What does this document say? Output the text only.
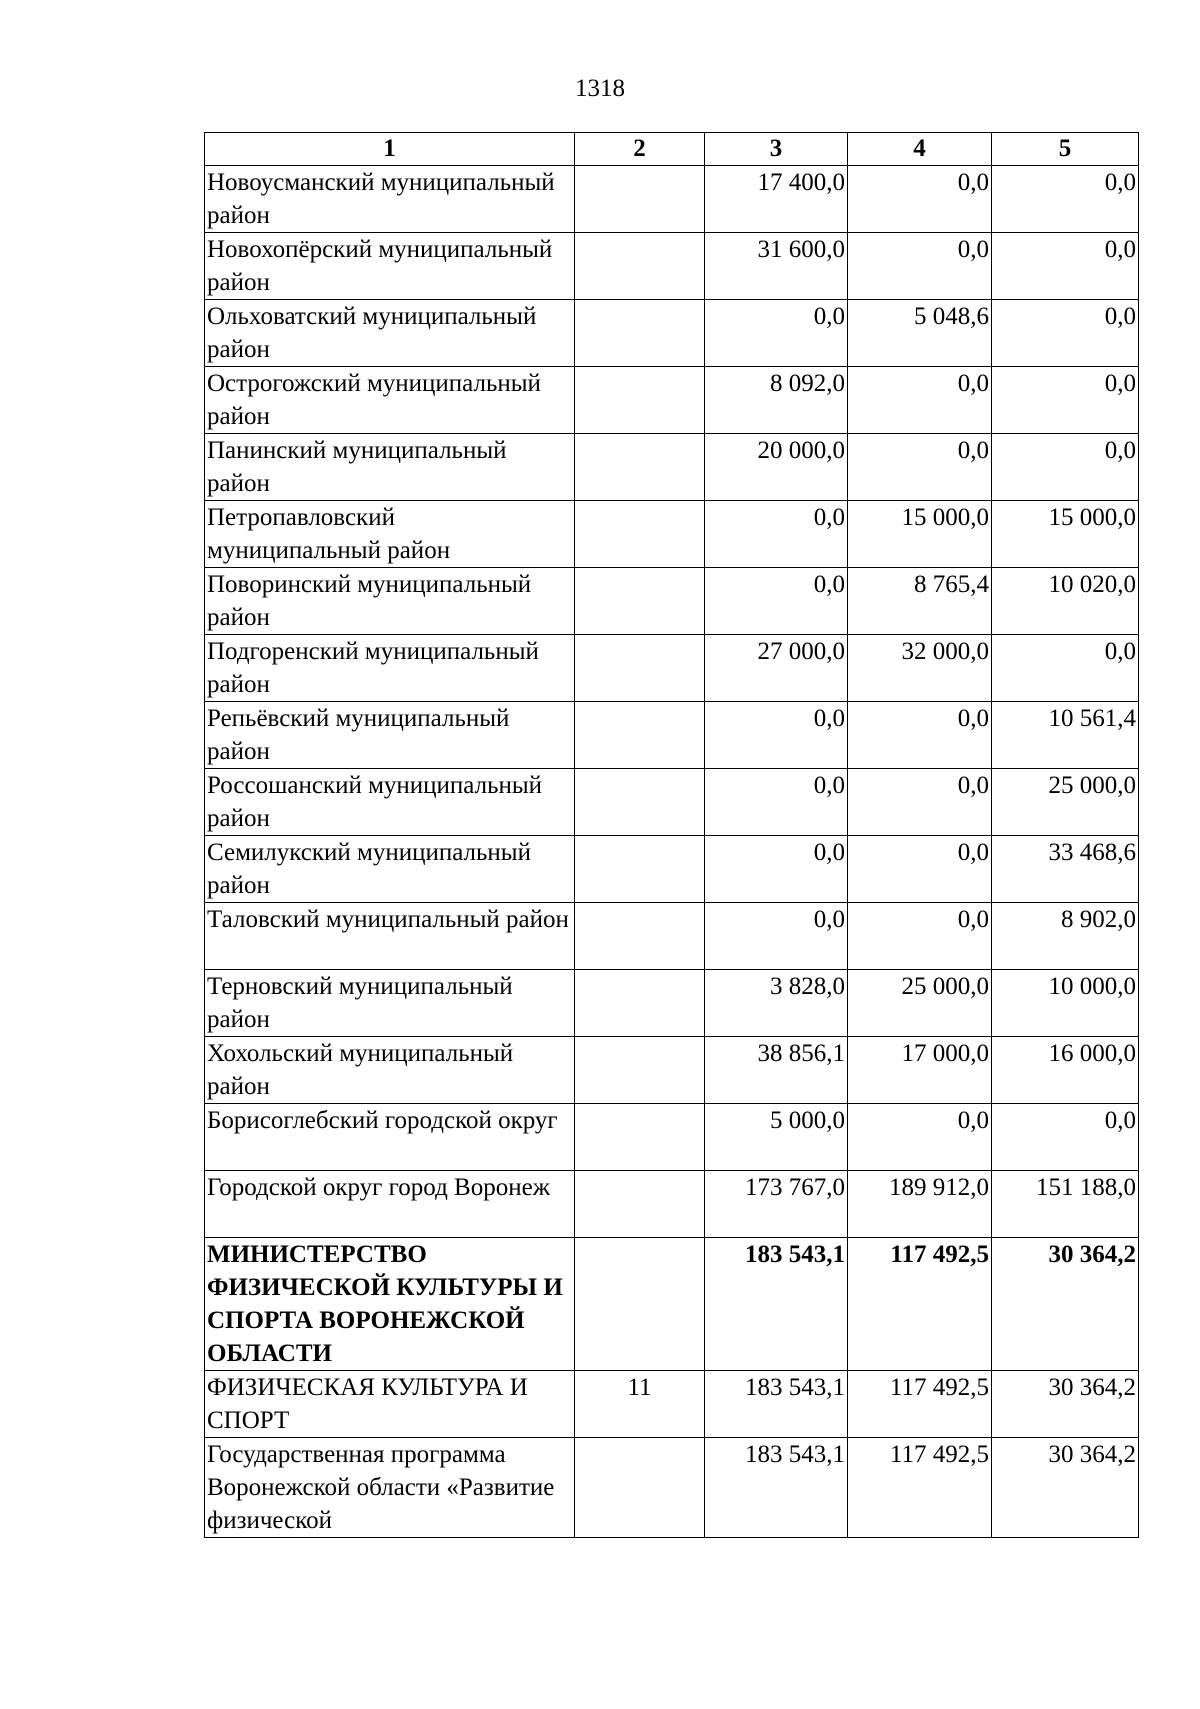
1318
1	2	3	4	5
Новоусманский муниципальный район		17 400,0	0,0	0,0
Новохопёрский муниципальный район		31 600,0	0,0	0,0
Ольховатский муниципальный район		0,0	5 048,6	0,0
Острогожский муниципальный район		8 092,0	0,0	0,0
Панинский муниципальный район		20 000,0	0,0	0,0
Петропавловский муниципальный район		0,0	15 000,0	15 000,0
Поворинский муниципальный район		0,0	8 765,4	10 020,0
Подгоренский муниципальный район		27 000,0	32 000,0	0,0
Репьёвский муниципальный район		0,0	0,0	10 561,4
Россошанский муниципальный район		0,0	0,0	25 000,0
Семилукский муниципальный район		0,0	0,0	33 468,6
Таловский муниципальный район		0,0	0,0	8 902,0
Терновский муниципальный район		3 828,0	25 000,0	10 000,0
Хохольский муниципальный район		38 856,1	17 000,0	16 000,0
Борисоглебский городской округ		5 000,0	0,0	0,0
Городской округ город Воронеж		173 767,0	189 912,0	151 188,0
МИНИСТЕРСТВО ФИЗИЧЕСКОЙ КУЛЬТУРЫ И СПОРТА ВОРОНЕЖСКОЙ ОБЛАСТИ		183 543,1	117 492,5	30 364,2
ФИЗИЧЕСКАЯ КУЛЬТУРА И СПОРТ	11	183 543,1	117 492,5	30 364,2
Государственная программа Воронежской области «Развитие физической		183 543,1	117 492,5	30 364,2
